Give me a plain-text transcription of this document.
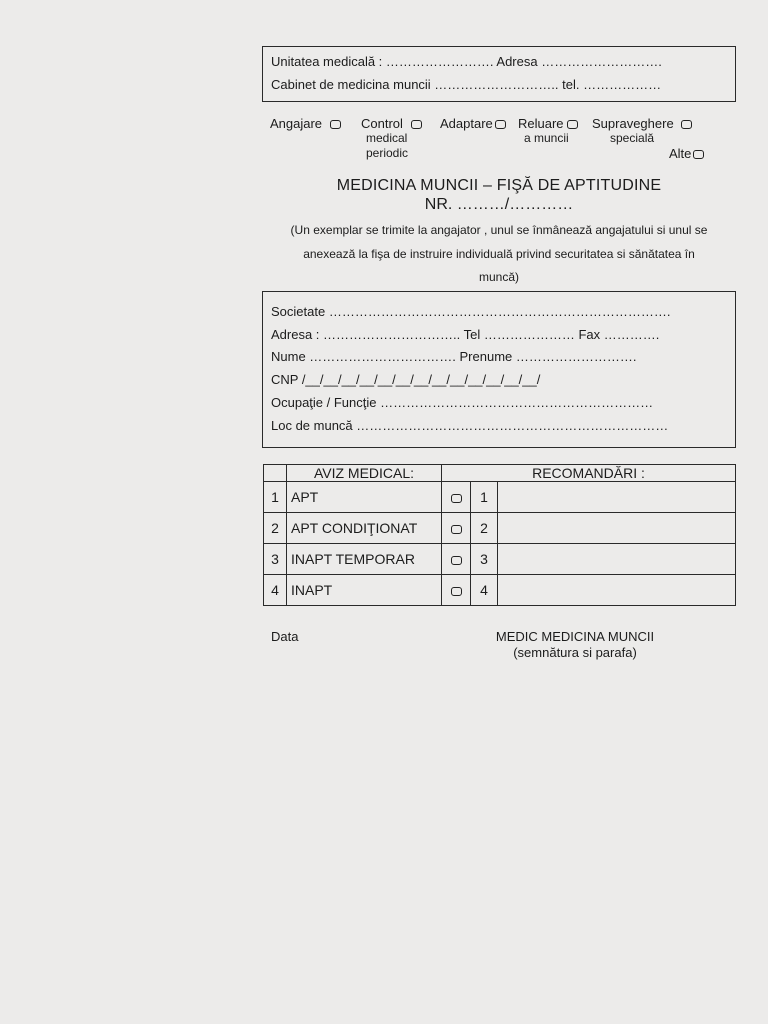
Unitatea medicală : ……………………. Adresa ……………………….
Cabinet de medicina muncii ……………………….. tel. ………………
Angajare	Control
medical
periodic
Adaptare	Reluare
a muncii
Supraveghere
specială
Alte
MEDICINA MUNCII – FIŞĂ DE APTITUDINE
NR. ………/…………
(Un exemplar se trimite la angajator , unul se înmânează angajatului si unul se
anexează la fişa de instruire individuală privind securitatea si sănătatea în
muncă)
Societate …………………………………………………………………….
Adresa : ………………………….. Tel ………………… Fax ………….
Nume ……………………………. Prenume ……………………….
CNP /__/__/__/__/__/__/__/__/__/__/__/__/__/
Ocupaţie / Funcţie ………………………………………………………
Loc de muncă ………………………………………………………………
	AVIZ MEDICAL:	RECOMANDĂRI :		
1	APT		1	
2	APT CONDIŢIONAT		2	
3	INAPT TEMPORAR		3	
4	INAPT		4	
Data	MEDIC MEDICINA MUNCII
(semnătura si parafa)
